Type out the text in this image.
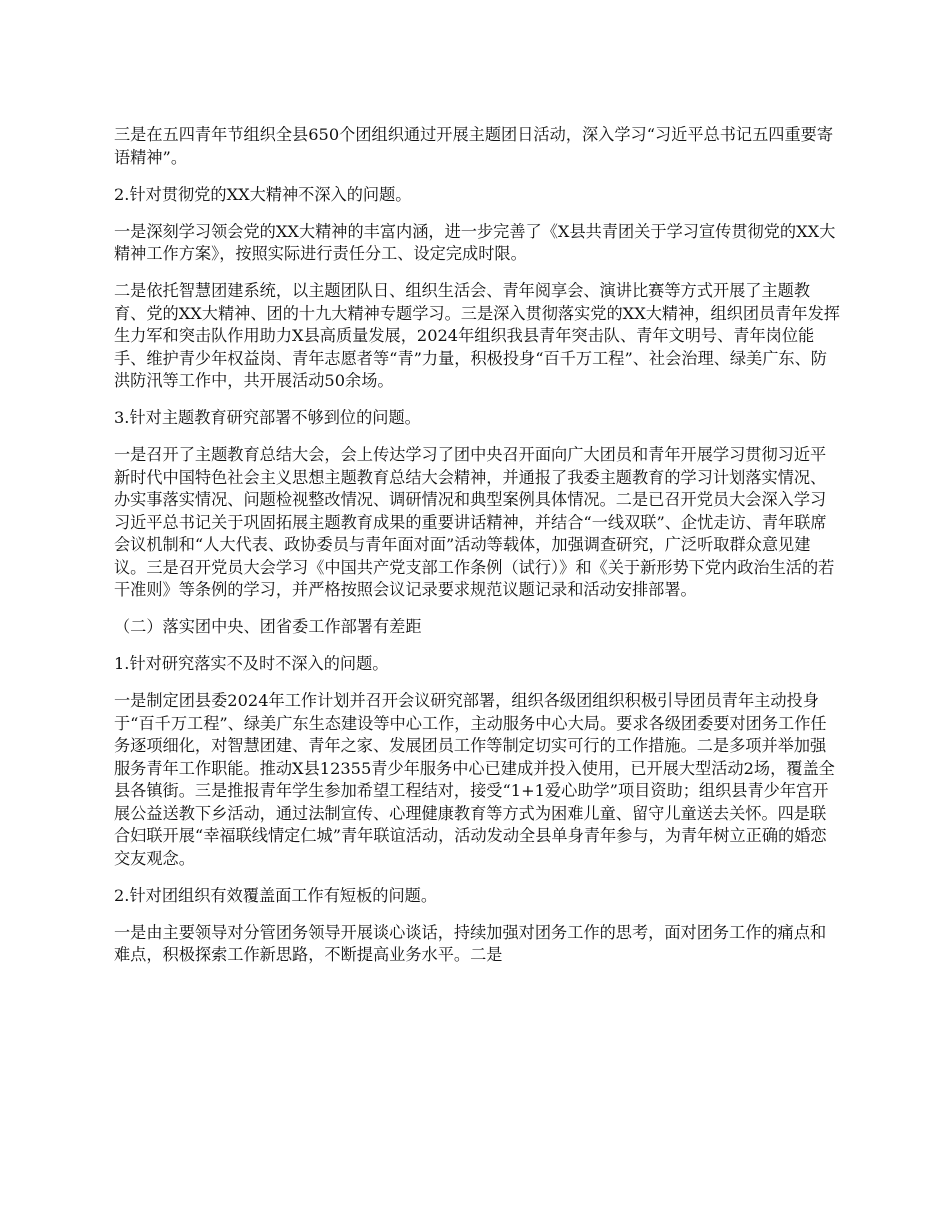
三是在五四青年节组织全县650个团组织通过开展主题团日活动，深入学习“习近平总书记五四重要寄语精神”。

2.针对贯彻党的XX大精神不深入的问题。

一是深刻学习领会党的XX大精神的丰富内涵，进一步完善了《X县共青团关于学习宣传贯彻党的XX大精神工作方案》，按照实际进行责任分工、设定完成时限。

二是依托智慧团建系统，以主题团队日、组织生活会、青年阅享会、演讲比赛等方式开展了主题教育、党的XX大精神、团的十九大精神专题学习。三是深入贯彻落实党的XX大精神，组织团员青年发挥生力军和突击队作用助力X县高质量发展，2024年组织我县青年突击队、青年文明号、青年岗位能手、维护青少年权益岗、青年志愿者等“青”力量，积极投身“百千万工程”、社会治理、绿美广东、防洪防汛等工作中，共开展活动50余场。

3.针对主题教育研究部署不够到位的问题。

一是召开了主题教育总结大会，会上传达学习了团中央召开面向广大团员和青年开展学习贯彻习近平新时代中国特色社会主义思想主题教育总结大会精神，并通报了我委主题教育的学习计划落实情况、办实事落实情况、问题检视整改情况、调研情况和典型案例具体情况。二是已召开党员大会深入学习习近平总书记关于巩固拓展主题教育成果的重要讲话精神，并结合“一线双联”、企忧走访、青年联席会议机制和“人大代表、政协委员与青年面对面”活动等载体，加强调查研究，广泛听取群众意见建议。三是召开党员大会学习《中国共产党支部工作条例（试行）》和《关于新形势下党内政治生活的若干准则》等条例的学习，并严格按照会议记录要求规范议题记录和活动安排部署。

（二）落实团中央、团省委工作部署有差距

1.针对研究落实不及时不深入的问题。

一是制定团县委2024年工作计划并召开会议研究部署，组织各级团组织积极引导团员青年主动投身于“百千万工程”、绿美广东生态建设等中心工作，主动服务中心大局。要求各级团委要对团务工作任务逐项细化，对智慧团建、青年之家、发展团员工作等制定切实可行的工作措施。二是多项并举加强服务青年工作职能。推动X县12355青少年服务中心已建成并投入使用，已开展大型活动2场，覆盖全县各镇街。三是推报青年学生参加希望工程结对，接受“1+1爱心助学”项目资助；组织县青少年宫开展公益送教下乡活动，通过法制宣传、心理健康教育等方式为困难儿童、留守儿童送去关怀。四是联合妇联开展“幸福联线情定仁城”青年联谊活动，活动发动全县单身青年参与，为青年树立正确的婚恋交友观念。

2.针对团组织有效覆盖面工作有短板的问题。

一是由主要领导对分管团务领导开展谈心谈话，持续加强对团务工作的思考，面对团务工作的痛点和难点，积极探索工作新思路，不断提高业务水平。二是
